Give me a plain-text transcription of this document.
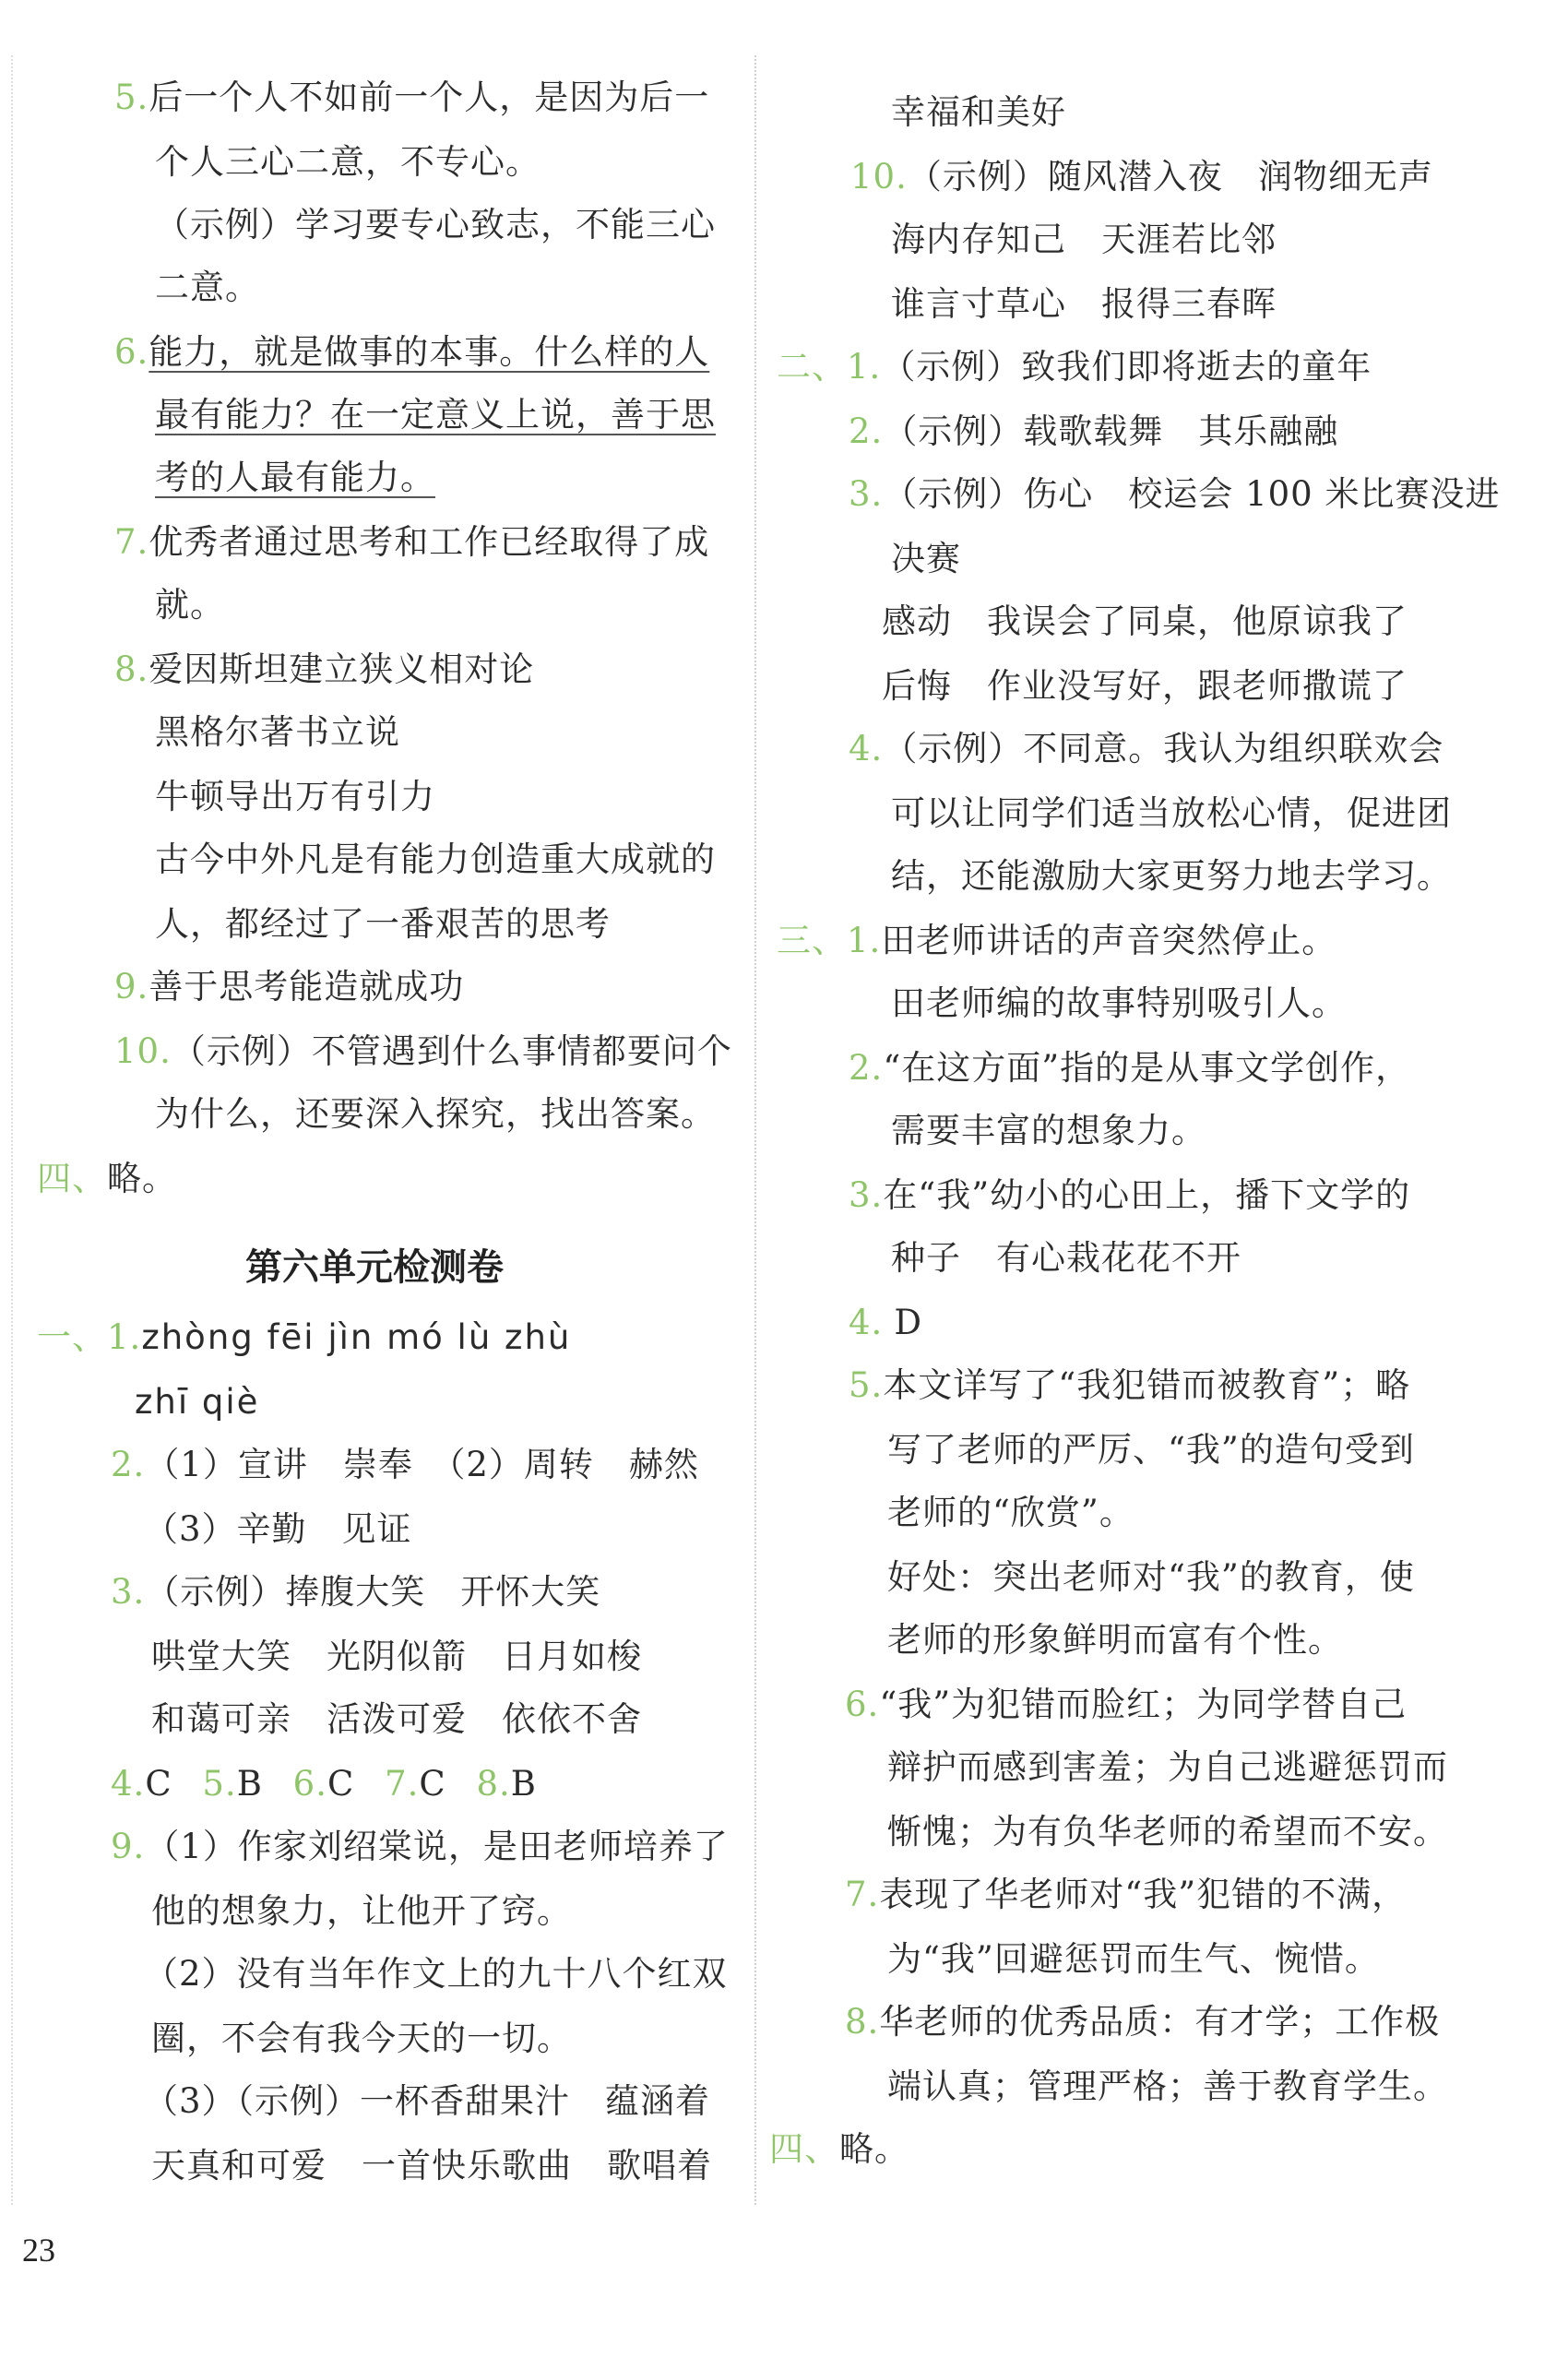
5.后一个人不如前一个人，是因为后一
个人三心二意，不专心。
（示例）学习要专心致志，不能三心
二意。
6.能力，就是做事的本事。什么样的人
最有能力？在一定意义上说，善于思
考的人最有能力。
7.优秀者通过思考和工作已经取得了成
就。
8.爱因斯坦建立狭义相对论
黑格尔著书立说
牛顿导出万有引力
古今中外凡是有能力创造重大成就的
人，都经过了一番艰苦的思考
9.善于思考能造就成功
10.（示例）不管遇到什么事情都要问个
为什么，还要深入探究，找出答案。
四、略。
第六单元检测卷
一、1.zhòng fēi jìn mó lù zhù
zhī qiè
2.（1）宣讲　崇奉　（2）周转　赫然
（3）辛勤　见证
3.（示例）捧腹大笑　开怀大笑
哄堂大笑　光阴似箭　日月如梭
和蔼可亲　活泼可爱　依依不舍
4.C 5.B 6.C 7.C 8.B
9.（1）作家刘绍棠说，是田老师培养了
他的想象力，让他开了窍。
（2）没有当年作文上的九十八个红双
圈，不会有我今天的一切。
（3）（示例）一杯香甜果汁　蕴涵着
天真和可爱　一首快乐歌曲　歌唱着
幸福和美好
10.（示例）随风潜入夜　润物细无声
海内存知己　天涯若比邻
谁言寸草心　报得三春晖
二、1.（示例）致我们即将逝去的童年
2.（示例）载歌载舞　其乐融融
3.（示例）伤心　校运会 100 米比赛没进
决赛
感动　我误会了同桌，他原谅我了
后悔　作业没写好，跟老师撒谎了
4.（示例）不同意。我认为组织联欢会
可以让同学们适当放松心情，促进团
结，还能激励大家更努力地去学习。
三、1.田老师讲话的声音突然停止。
田老师编的故事特别吸引人。
2.“在这方面”指的是从事文学创作，
需要丰富的想象力。
3.在“我”幼小的心田上，播下文学的
种子　有心栽花花不开
4. D
5.本文详写了“我犯错而被教育”；略
写了老师的严厉、“我”的造句受到
老师的“欣赏”。
好处：突出老师对“我”的教育，使
老师的形象鲜明而富有个性。
6.“我”为犯错而脸红；为同学替自己
辩护而感到害羞；为自己逃避惩罚而
惭愧；为有负华老师的希望而不安。
7.表现了华老师对“我”犯错的不满，
为“我”回避惩罚而生气、惋惜。
8.华老师的优秀品质：有才学；工作极
端认真；管理严格；善于教育学生。
四、略。
23
